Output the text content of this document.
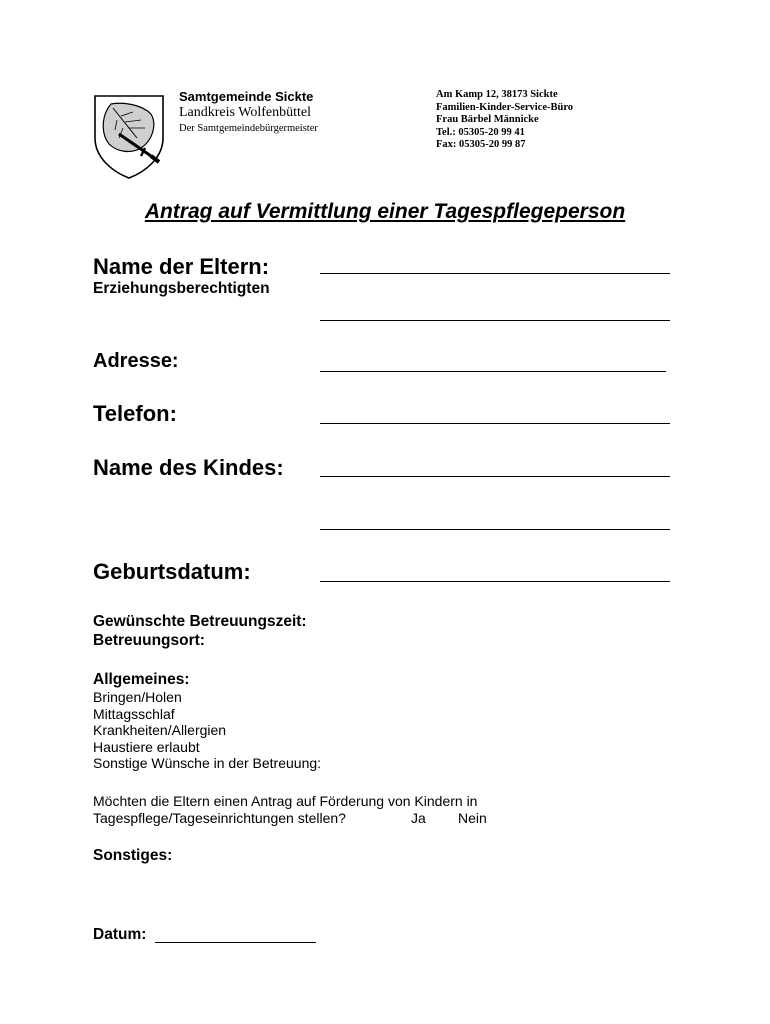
Samtgemeinde Sickte
Landkreis Wolfenbüttel
Der Samtgemeindebürgermeister
Am Kamp 12, 38173 Sickte
Familien-Kinder-Service-Büro
Frau Bärbel Männicke
Tel.: 05305-20 99 41
Fax: 05305-20 99 87
Antrag auf Vermittlung einer Tagespflegeperson
Name der Eltern:
Erziehungsberechtigten
Adresse:
Telefon:
Name des Kindes:
Geburtsdatum:
Gewünschte Betreuungszeit:
Betreuungsort:
Allgemeines:
Bringen/Holen
Mittagsschlaf
Krankheiten/Allergien
Haustiere erlaubt
Sonstige Wünsche in der Betreuung:
Möchten die Eltern einen Antrag auf Förderung von Kindern in
Tagespflege/Tageseinrichtungen stellen?	Ja Nein
Sonstiges:
Datum:
